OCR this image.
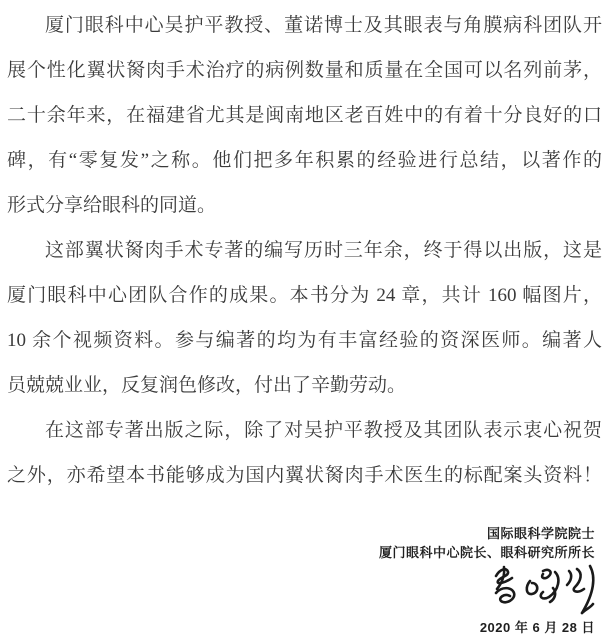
厦门眼科中心吴护平教授、董诺博士及其眼表与角膜病科团队开
展个性化翼状胬肉手术治疗的病例数量和质量在全国可以名列前茅，
二十余年来，在福建省尤其是闽南地区老百姓中的有着十分良好的口
碑，有“零复发”之称。他们把多年积累的经验进行总结，以著作的
形式分享给眼科的同道。
这部翼状胬肉手术专著的编写历时三年余，终于得以出版，这是
厦门眼科中心团队合作的成果。本书分为 24 章，共计 160 幅图片，
10 余个视频资料。参与编著的均为有丰富经验的资深医师。编著人
员兢兢业业，反复润色修改，付出了辛勤劳动。
在这部专著出版之际，除了对吴护平教授及其团队表示衷心祝贺
之外，亦希望本书能够成为国内翼状胬肉手术医生的标配案头资料！
国际眼科学院院士
厦门眼科中心院长、眼科研究所所长
2020 年 6 月 28 日
